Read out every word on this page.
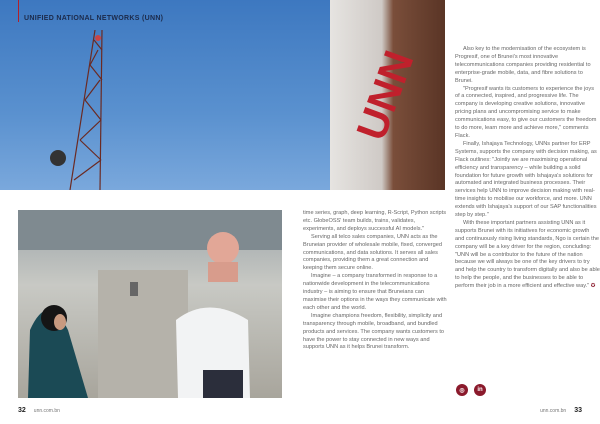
UNIFIED NATIONAL NETWORKS (UNN)
UNN

time series, graph, deep learning, R-Script, Python scripts etc. GlobeOSS' team builds, trains, validates, experiments, and deploys successful AI models."

Serving all telco sales companies, UNN acts as the Bruneian provider of wholesale mobile, fixed, converged communications, and data solutions. It serves all sales companies, providing them a great connection and keeping them secure online.

Imagine – a company transformed in response to a nationwide development in the telecommunications industry – is aiming to ensure that Bruneians can maximise their options in the ways they communicate with each other and the world.

Imagine champions freedom, flexibility, simplicity and transparency through mobile, broadband, and bundled products and services. The company wants customers to have the power to stay connected in new ways and supports UNN as it helps Brunei transform.

Also key to the modernisation of the ecosystem is Progresif, one of Brunei's most innovative telecommunications companies providing residential to enterprise-grade mobile, data, and fibre solutions to Brunei.

"Progresif wants its customers to experience the joys of a connected, inspired, and progressive life. The company is developing creative solutions, innovative pricing plans and uncompromising service to make communications easy, to give our customers the freedom to do more, learn more and achieve more," comments Flack.

Finally, Ishajaya Technology, UNNs partner for ERP Systems, supports the company with decision making, as Flack outlines: "Jointly we are maximising operational efficiency and transparency – while building a solid foundation for future growth with Ishajaya's solutions for automated and integrated business processes. Their services help UNN to improve decision making with real-time insights to mobilise our workforce, and more. UNN extends with Ishajaya's support of our SAP functionalities step by step."

With these important partners assisting UNN as it supports Brunei with its initiatives for economic growth and continuously rising living standards, Ngo is certain the company will be a key driver for the region, concluding: "UNN will be a contributor to the future of the nation because we will always be one of the key drivers to try and help the country to transform digitally and also be able to help the people, and the businesses to be able to perform their job in a more efficient and effective way." ✪

◎	in
32 unn.com.bn	unn.com.bn 33
